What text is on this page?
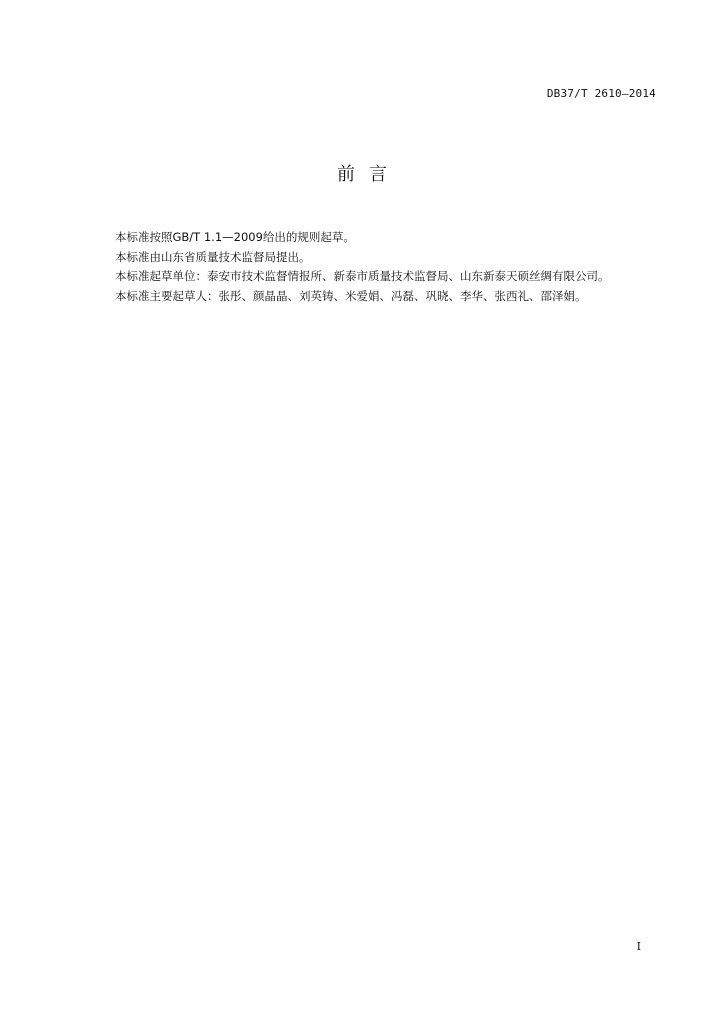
DB37/T 2610—2014
前言

本标准按照GB/T 1.1—2009给出的规则起草。

本标准由山东省质量技术监督局提出。

本标准起草单位：泰安市技术监督情报所、新泰市质量技术监督局、山东新泰天硕丝绸有限公司。

本标准主要起草人：张彤、颜晶晶、刘英铸、米爱娟、冯磊、巩晓、李华、张西礼、邵泽娟。

I
